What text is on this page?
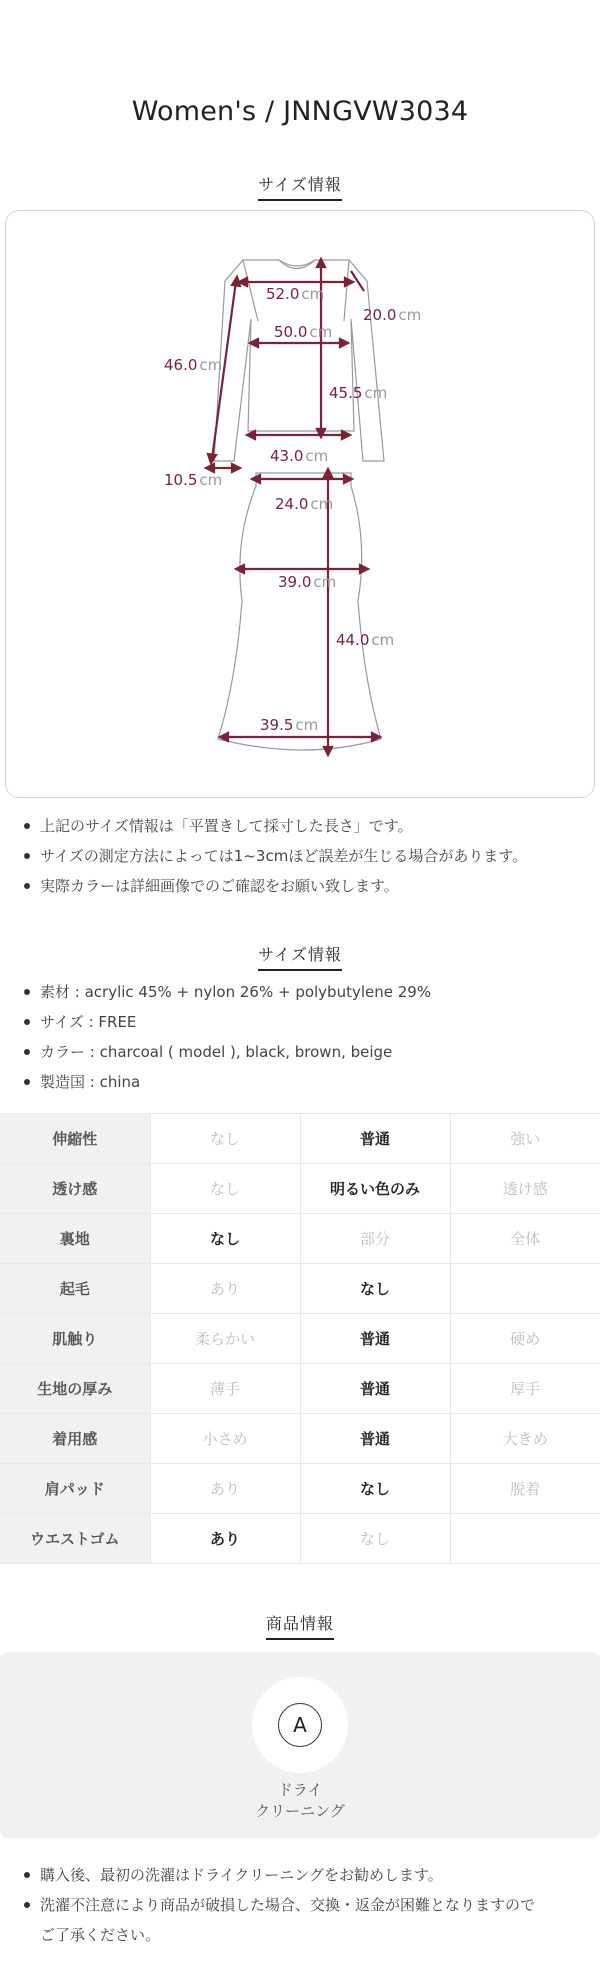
Women's / JNNGVW3034
サイズ情報
52.0 cm
20.0 cm
50.0 cm
46.0 cm
45.5 cm
43.0 cm
10.5 cm
24.0 cm
39.0 cm
44.0 cm
39.5 cm
上記のサイズ情報は「平置きして採寸した長さ」です。
サイズの測定方法によっては1~3cmほど誤差が生じる場合があります。
実際カラーは詳細画像でのご確認をお願い致します。
サイズ情報
素材 : acrylic 45% + nylon 26% + polybutylene 29%
サイズ : FREE
カラー : charcoal ( model ), black, brown, beige
製造国 : china
伸縮性	なし	普通	強い
透け感	なし	明るい色のみ	透け感
裏地	なし	部分	全体
起毛	あり	なし	
肌触り	柔らかい	普通	硬め
生地の厚み	薄手	普通	厚手
着用感	小さめ	普通	大きめ
肩パッド	あり	なし	脱着
ウエストゴム	あり	なし	
商品情報
A
ドライ
クリーニング
購入後、最初の洗濯はドライクリーニングをお勧めします。
洗濯不注意により商品が破損した場合、交換・返金が困難となりますので
ご了承ください。
